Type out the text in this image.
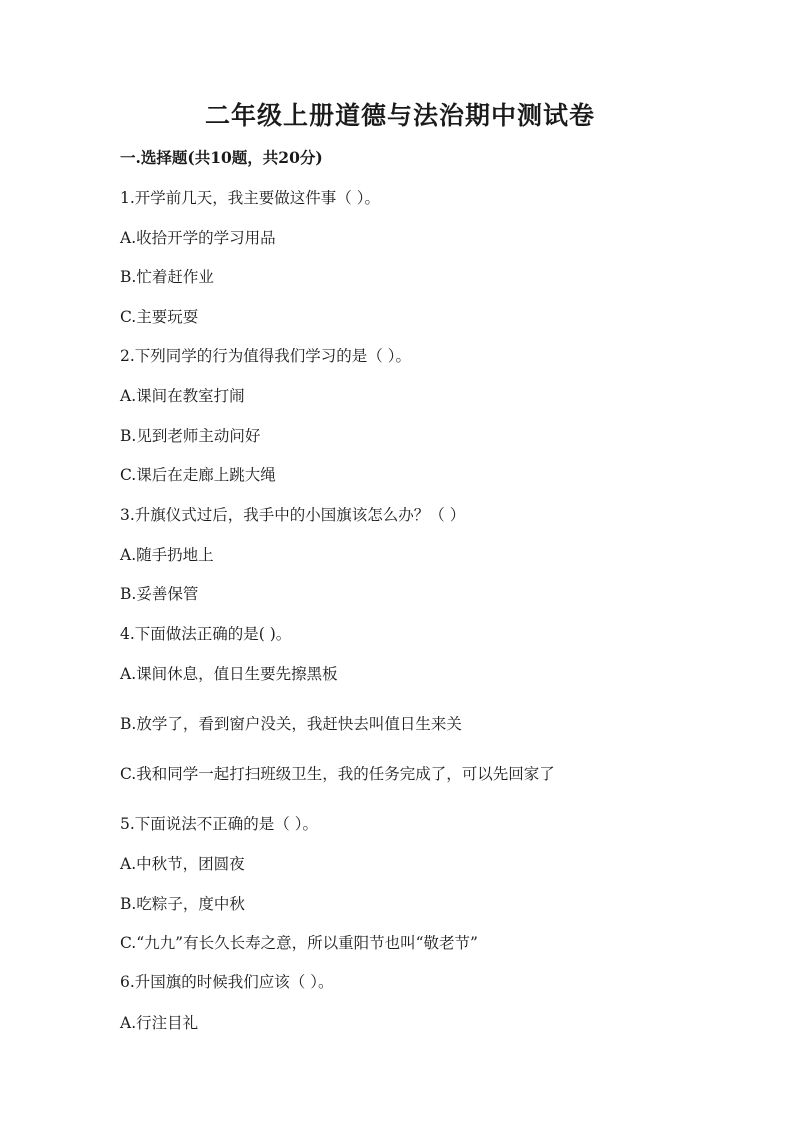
二年级上册道德与法治期中测试卷
一.选择题(共10题，共20分)
1.开学前几天，我主要做这件事（ ）。
A.收拾开学的学习用品
B.忙着赶作业
C.主要玩耍
2.下列同学的行为值得我们学习的是（ ）。
A.课间在教室打闹
B.见到老师主动问好
C.课后在走廊上跳大绳
3.升旗仪式过后，我手中的小国旗该怎么办？（ ）
A.随手扔地上
B.妥善保管
4.下面做法正确的是( )。
A.课间休息，值日生要先擦黑板
B.放学了，看到窗户没关，我赶快去叫值日生来关
C.我和同学一起打扫班级卫生，我的任务完成了，可以先回家了
5.下面说法不正确的是（ ）。
A.中秋节，团圆夜
B.吃粽子，度中秋
C.“九九”有长久长寿之意，所以重阳节也叫“敬老节”
6.升国旗的时候我们应该（ ）。
A.行注目礼
